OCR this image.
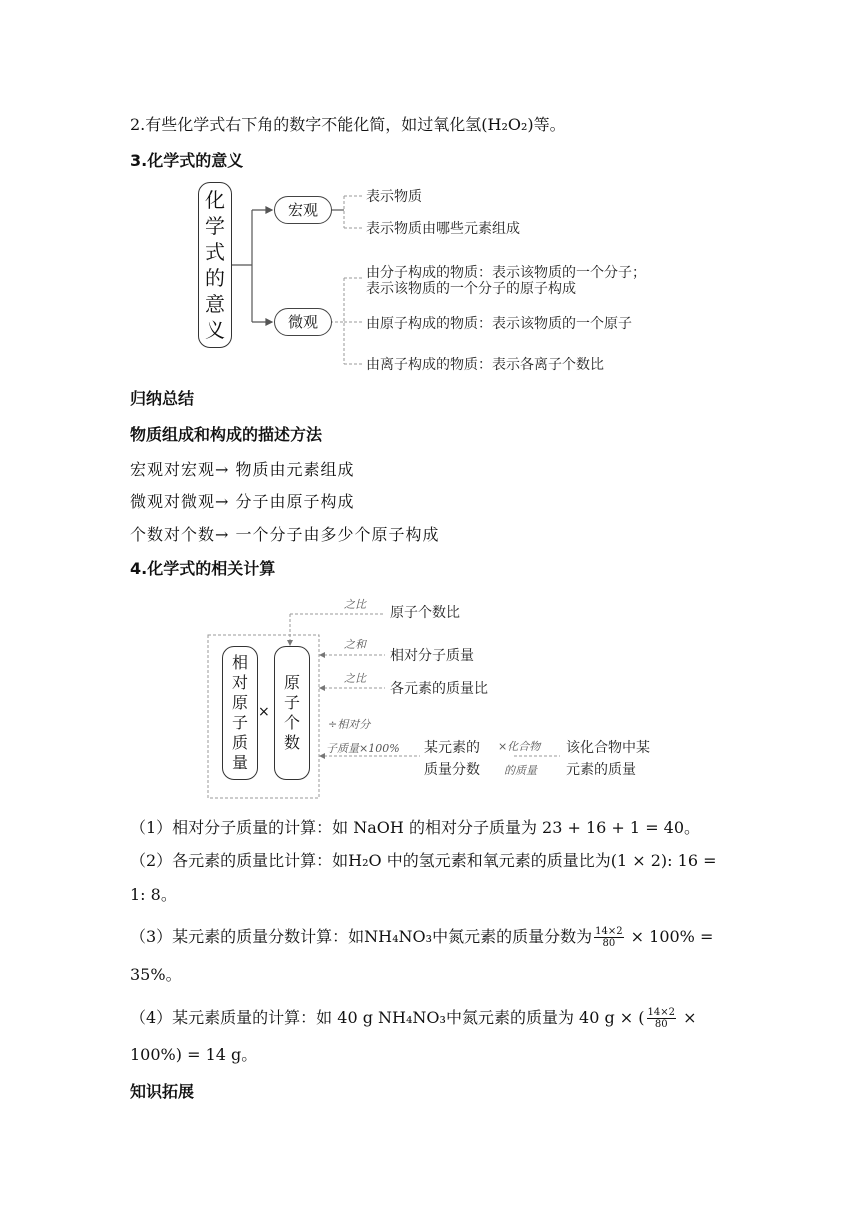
2.有些化学式右下角的数字不能化简，如过氧化氢(H₂O₂)等。
3.化学式的意义
化
学
式
的
意
义
宏观
微观
表示物质
表示物质由哪些元素组成
由分子构成的物质：表示该物质的一个分子；
表示该物质的一个分子的原子构成
由原子构成的物质：表示该物质的一个原子
由离子构成的物质：表示各离子个数比
归纳总结
物质组成和构成的描述方法
宏观对宏观→ 物质由元素组成
微观对微观→ 分子由原子构成
个数对个数→ 一个分子由多少个原子构成
4.化学式的相关计算
相
对
原
子
质
量
×
原
子
个
数
之比
原子个数比
之和
相对分子质量
之比
各元素的质量比
÷相对分
子质量×100% 某元素的
质量分数
×化合物
的质量
该化合物中某
元素的质量
（1）相对分子质量的计算：如 NaOH 的相对分子质量为 23 + 16 + 1 = 40。
（2）各元素的质量比计算：如H₂O 中的氢元素和氧元素的质量比为(1 × 2): 16 =
1: 8。
（3）某元素的质量分数计算：如NH₄NO₃中氮元素的质量分数为 $\frac{14\times 2}{80} \times 100\%$ =
35%。
（4）某元素质量的计算：如 40 g NH₄NO₃中氮元素的质量为 40 g × ( $\frac{14\times 2}{80}$ ×
100%) = 14 g。
知识拓展
